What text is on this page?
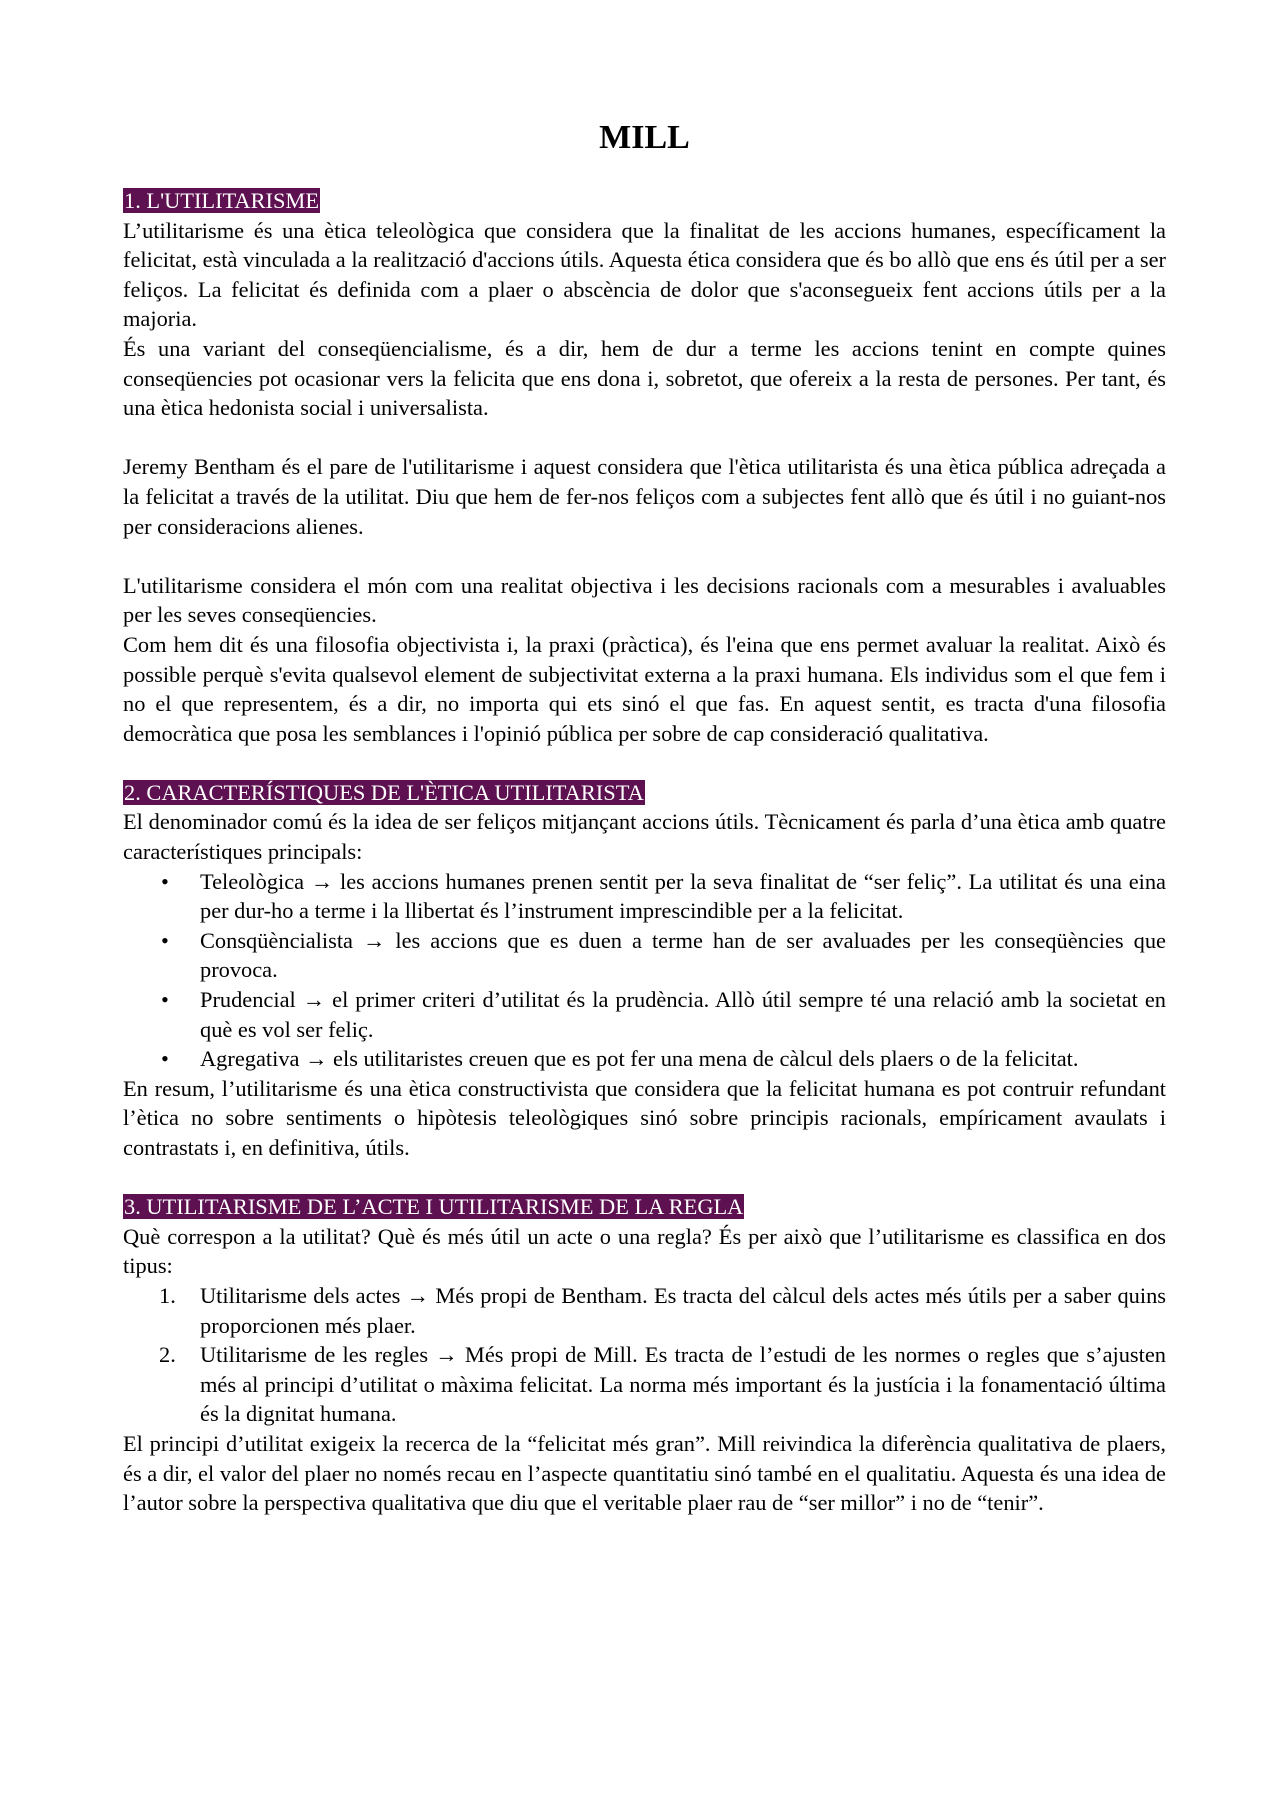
MILL
1. L'UTILITARISME

L’utilitarisme és una ètica teleològica que considera que la finalitat de les accions humanes, específicament la felicitat, està vinculada a la realització d'accions útils. Aquesta ética considera que és bo allò que ens és útil per a ser feliços. La felicitat és definida com a plaer o abscència de dolor que s'aconsegueix fent accions útils per a la majoria.

És una variant del conseqüencialisme, és a dir, hem de dur a terme les accions tenint en compte quines conseqüencies pot ocasionar vers la felicita que ens dona i, sobretot, que ofereix a la resta de persones. Per tant, és una ètica hedonista social i universalista.

Jeremy Bentham és el pare de l'utilitarisme i aquest considera que l'ètica utilitarista és una ètica pública adreçada a la felicitat a través de la utilitat. Diu que hem de fer-nos feliços com a subjectes fent allò que és útil i no guiant-nos per consideracions alienes.

L'utilitarisme considera el món com una realitat objectiva i les decisions racionals com a mesurables i avaluables per les seves conseqüencies.

Com hem dit és una filosofia objectivista i, la praxi (pràctica), és l'eina que ens permet avaluar la realitat. Això és possible perquè s'evita qualsevol element de subjectivitat externa a la praxi humana. Els individus som el que fem i no el que representem, és a dir, no importa qui ets sinó el que fas. En aquest sentit, es tracta d'una filosofia democràtica que posa les semblances i l'opinió pública per sobre de cap consideració qualitativa.

2. CARACTERÍSTIQUES DE L'ÈTICA UTILITARISTA

El denominador comú és la idea de ser feliços mitjançant accions útils. Tècnicament és parla d’una ètica amb quatre característiques principals:

• Teleològica → les accions humanes prenen sentit per la seva finalitat de “ser feliç”. La utilitat és una eina per dur-ho a terme i la llibertat és l’instrument imprescindible per a la felicitat.
• Consqüèncialista → les accions que es duen a terme han de ser avaluades per les conseqüències que provoca.
• Prudencial → el primer criteri d’utilitat és la prudència. Allò útil sempre té una relació amb la societat en què es vol ser feliç.
• Agregativa → els utilitaristes creuen que es pot fer una mena de càlcul dels plaers o de la felicitat.

En resum, l’utilitarisme és una ètica constructivista que considera que la felicitat humana es pot contruir refundant l’ètica no sobre sentiments o hipòtesis teleològiques sinó sobre principis racionals, empíricament avaulats i contrastats i, en definitiva, útils.

3. UTILITARISME DE L’ACTE I UTILITARISME DE LA REGLA

Què correspon a la utilitat? Què és més útil un acte o una regla? És per això que l’utilitarisme es classifica en dos tipus:

1. Utilitarisme dels actes → Més propi de Bentham. Es tracta del càlcul dels actes més útils per a saber quins proporcionen més plaer.
2. Utilitarisme de les regles → Més propi de Mill. Es tracta de l’estudi de les normes o regles que s’ajusten més al principi d’utilitat o màxima felicitat. La norma més important és la justícia i la fonamentació última és la dignitat humana.

El principi d’utilitat exigeix la recerca de la “felicitat més gran”. Mill reivindica la diferència qualitativa de plaers, és a dir, el valor del plaer no només recau en l’aspecte quantitatiu sinó també en el qualitatiu. Aquesta és una idea de l’autor sobre la perspectiva qualitativa que diu que el veritable plaer rau de “ser millor” i no de “tenir”.
